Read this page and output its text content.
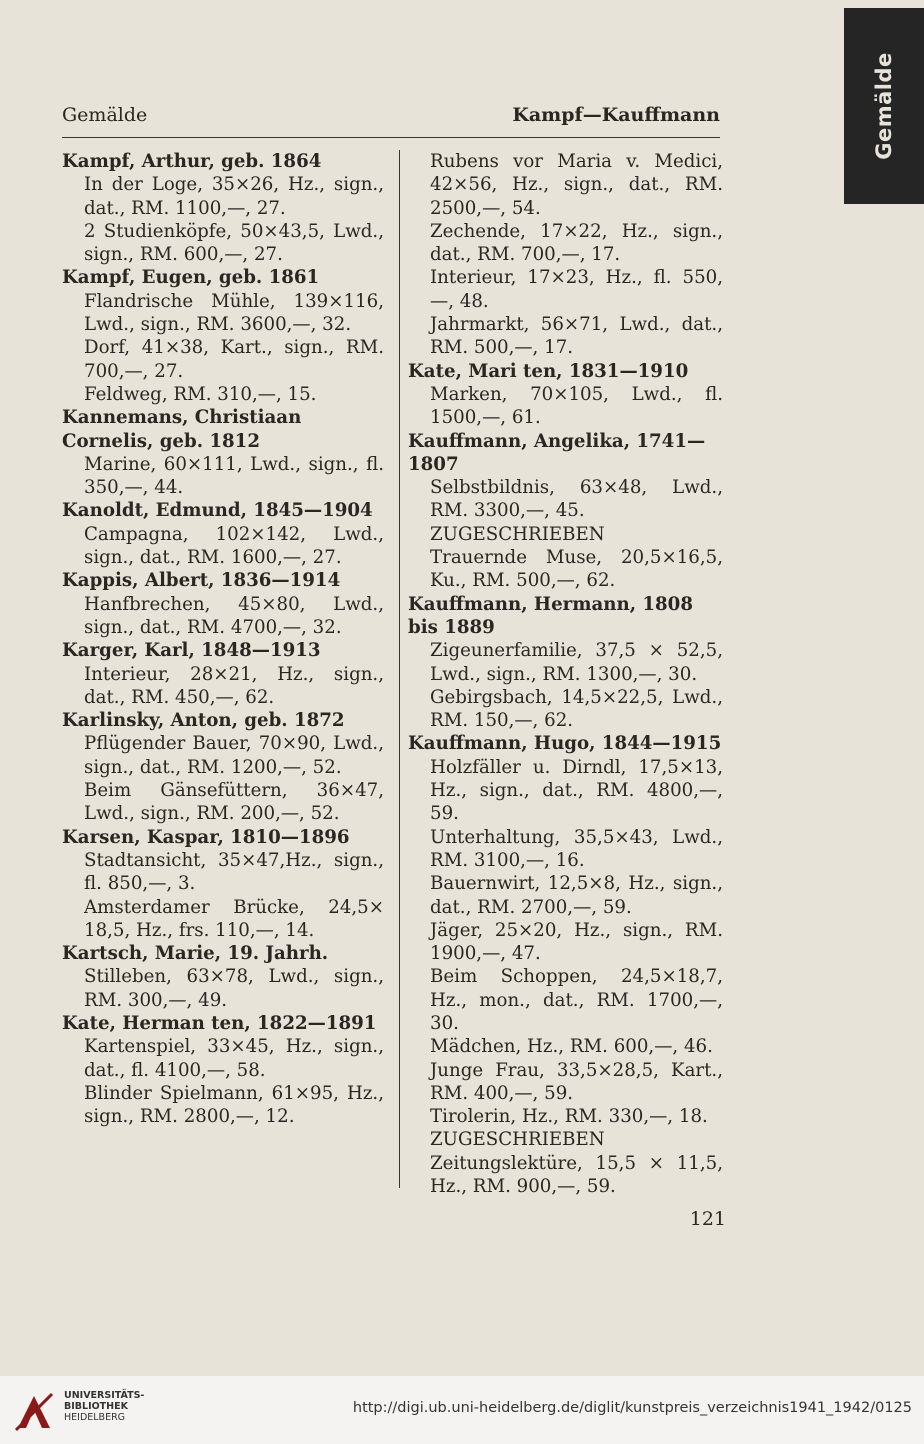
Gemälde
Gemälde	Kampf—Kauffmann
Kampf, Arthur, geb. 1864
In der Loge, 35×26, Hz., sign., dat., RM. 1100,—, 27.
2 Studienköpfe, 50×43,5, Lwd., sign., RM. 600,—, 27.
Kampf, Eugen, geb. 1861
Flandrische Mühle, 139×116, Lwd., sign., RM. 3600,—, 32.
Dorf, 41×38, Kart., sign., RM. 700,—, 27.
Feldweg, RM. 310,—, 15.
Kannemans, Christiaan Cornelis, geb. 1812
Marine, 60×111, Lwd., sign., fl. 350,—, 44.
Kanoldt, Edmund, 1845—1904
Campagna, 102×142, Lwd., sign., dat., RM. 1600,—, 27.
Kappis, Albert, 1836—1914
Hanfbrechen, 45×80, Lwd., sign., dat., RM. 4700,—, 32.
Karger, Karl, 1848—1913
Interieur, 28×21, Hz., sign., dat., RM. 450,—, 62.
Karlinsky, Anton, geb. 1872
Pflügender Bauer, 70×90, Lwd., sign., dat., RM. 1200,—, 52.
Beim Gänsefüttern, 36×47, Lwd., sign., RM. 200,—, 52.
Karsen, Kaspar, 1810—1896
Stadtansicht, 35×47,Hz., sign., fl. 850,—, 3.
Amsterdamer Brücke, 24,5× 18,5, Hz., frs. 110,—, 14.
Kartsch, Marie, 19. Jahrh.
Stilleben, 63×78, Lwd., sign., RM. 300,—, 49.
Kate, Herman ten, 1822—1891
Kartenspiel, 33×45, Hz., sign., dat., fl. 4100,—, 58.
Blinder Spielmann, 61×95, Hz., sign., RM. 2800,—, 12.
Rubens vor Maria v. Medici, 42×56, Hz., sign., dat., RM. 2500,—, 54.
Zechende, 17×22, Hz., sign., dat., RM. 700,—, 17.
Interieur, 17×23, Hz., fl. 550,—, 48.
Jahrmarkt, 56×71, Lwd., dat., RM. 500,—, 17.
Kate, Mari ten, 1831—1910
Marken, 70×105, Lwd., fl. 1500,—, 61.
Kauffmann, Angelika, 1741—1807
Selbstbildnis, 63×48, Lwd., RM. 3300,—, 45.
ZUGESCHRIEBEN
Trauernde Muse, 20,5×16,5, Ku., RM. 500,—, 62.
Kauffmann, Hermann, 1808 bis 1889
Zigeunerfamilie, 37,5 × 52,5, Lwd., sign., RM. 1300,—, 30.
Gebirgsbach, 14,5×22,5, Lwd., RM. 150,—, 62.
Kauffmann, Hugo, 1844—1915
Holzfäller u. Dirndl, 17,5×13, Hz., sign., dat., RM. 4800,—, 59.
Unterhaltung, 35,5×43, Lwd., RM. 3100,—, 16.
Bauernwirt, 12,5×8, Hz., sign., dat., RM. 2700,—, 59.
Jäger, 25×20, Hz., sign., RM. 1900,—, 47.
Beim Schoppen, 24,5×18,7, Hz., mon., dat., RM. 1700,—, 30.
Mädchen, Hz., RM. 600,—, 46.
Junge Frau, 33,5×28,5, Kart., RM. 400,—, 59.
Tirolerin, Hz., RM. 330,—, 18.
ZUGESCHRIEBEN
Zeitungslektüre, 15,5 × 11,5, Hz., RM. 900,—, 59.
121
UNIVERSITÄTS-
BIBLIOTHEK
HEIDELBERG
http://digi.ub.uni-heidelberg.de/diglit/kunstpreis_verzeichnis1941_1942/0125
